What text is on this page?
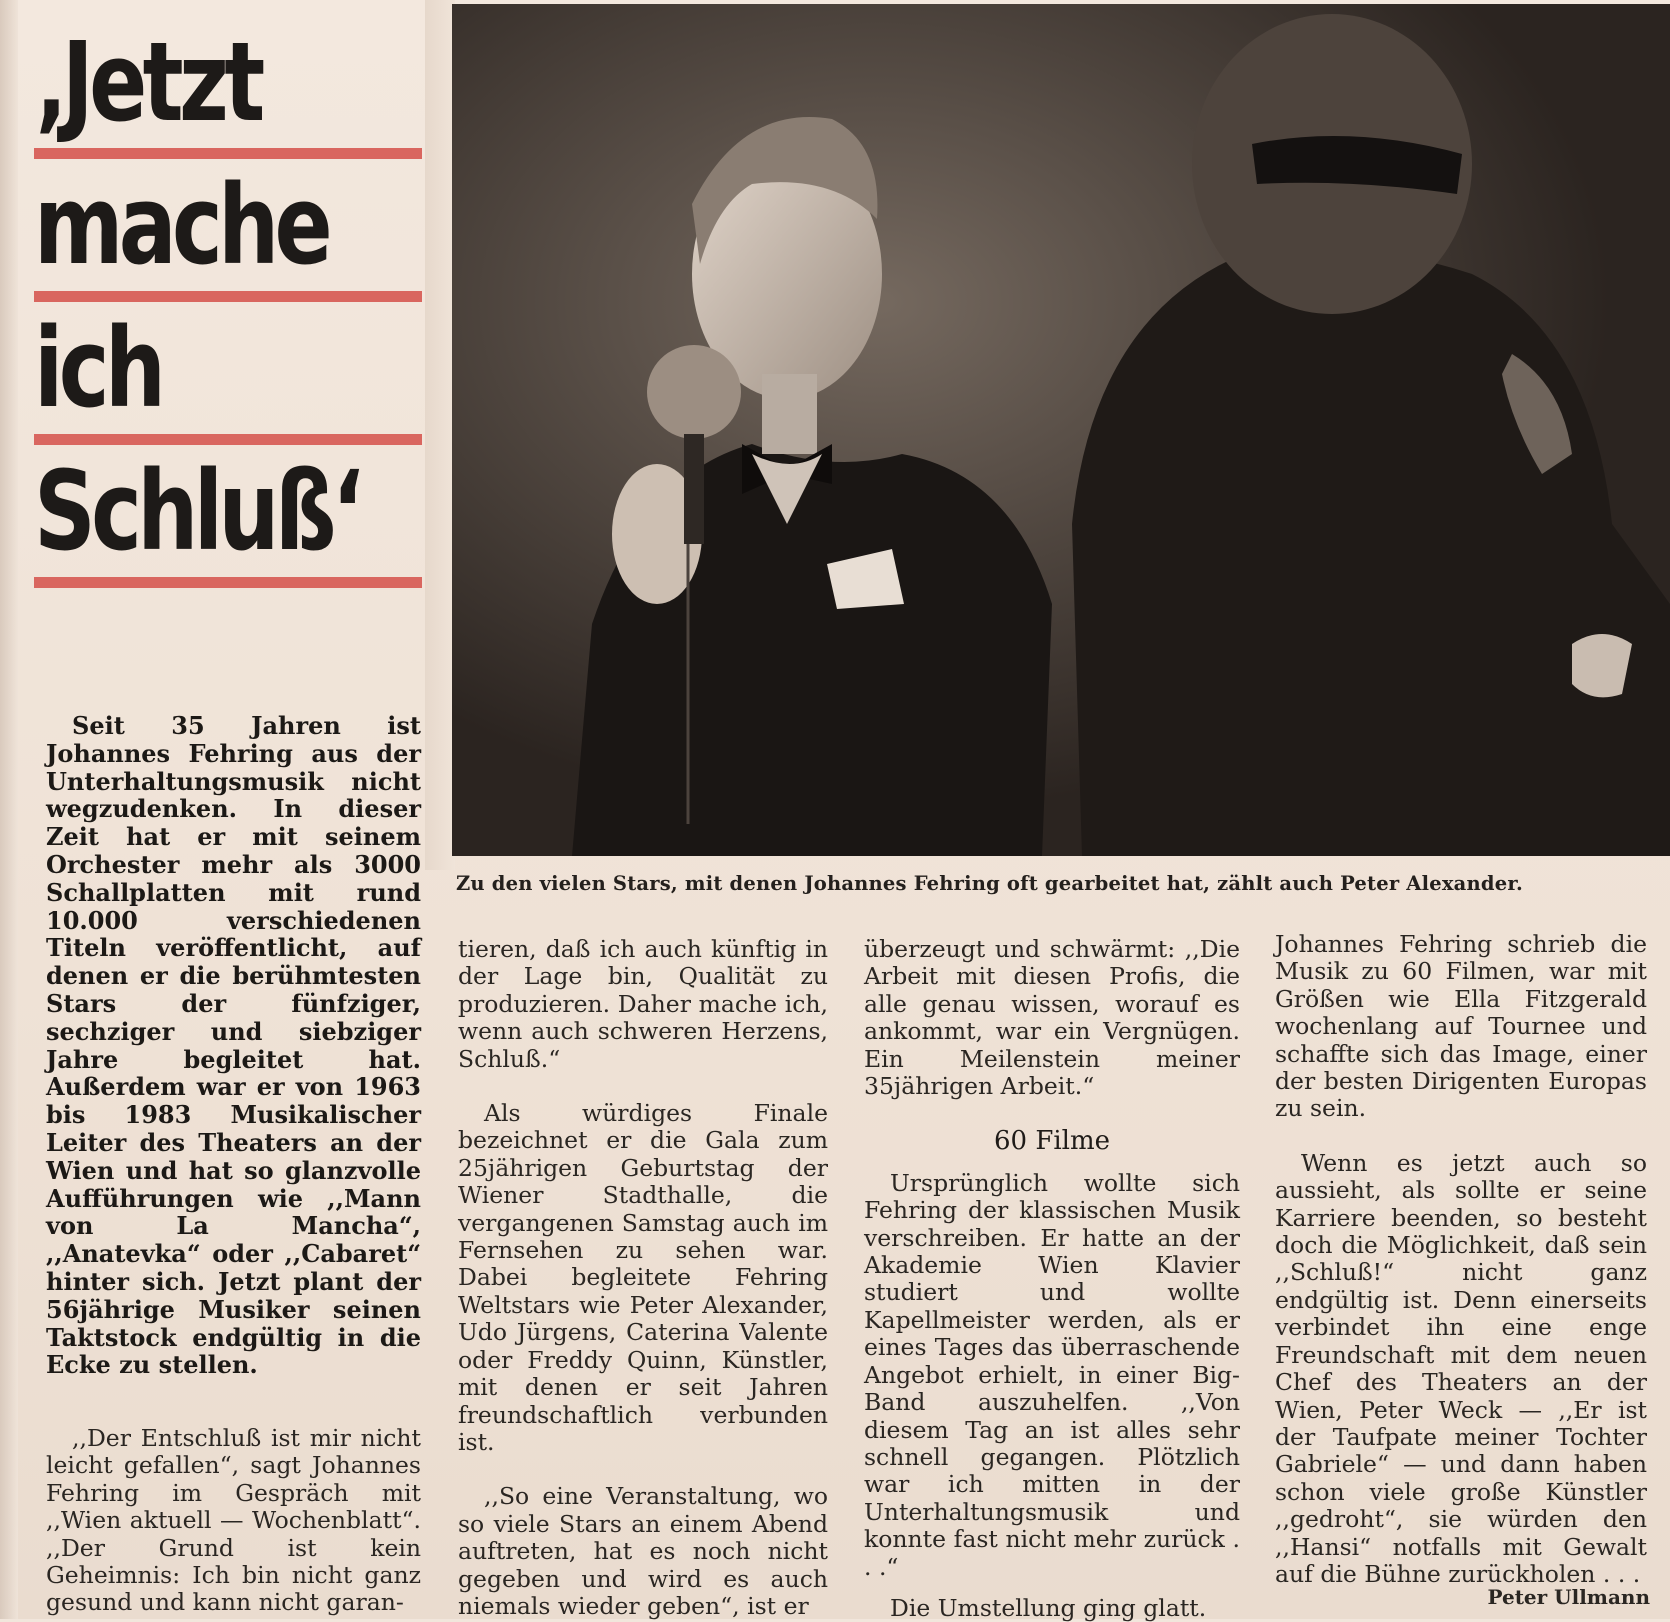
‚Jetzt
mache
ich
Schluß‘
Zu den vielen Stars, mit denen Johannes Fehring oft gearbeitet hat, zählt auch Peter Alexander.

Seit 35 Jahren ist Johannes Fehring aus der Unterhaltungsmusik nicht wegzudenken. In dieser Zeit hat er mit seinem Orchester mehr als 3000 Schallplatten mit rund 10.000 verschiedenen Titeln veröffentlicht, auf denen er die berühmtesten Stars der fünfziger, sechziger und siebziger Jahre begleitet hat. Außerdem war er von 1963 bis 1983 Musikalischer Leiter des Theaters an der Wien und hat so glanzvolle Aufführungen wie ,,Mann von La Mancha“, ,,Anatevka“ oder ,,Cabaret“ hinter sich. Jetzt plant der 56jährige Musiker seinen Taktstock endgültig in die Ecke zu stellen.

,,Der Entschluß ist mir nicht leicht gefallen“, sagt Johannes Fehring im Gespräch mit ,,Wien aktuell — Wochenblatt“. ,,Der Grund ist kein Geheimnis: Ich bin nicht ganz gesund und kann nicht garan-

tieren, daß ich auch künftig in der Lage bin, Qualität zu produzieren. Daher mache ich, wenn auch schweren Herzens, Schluß.“

Als würdiges Finale bezeichnet er die Gala zum 25jährigen Geburtstag der Wiener Stadthalle, die vergangenen Samstag auch im Fernsehen zu sehen war. Dabei begleitete Fehring Weltstars wie Peter Alexander, Udo Jürgens, Caterina Valente oder Freddy Quinn, Künstler, mit denen er seit Jahren freundschaftlich verbunden ist.

,,So eine Veranstaltung, wo so viele Stars an einem Abend auftreten, hat es noch nicht gegeben und wird es auch niemals wieder geben“, ist er

überzeugt und schwärmt: ,,Die Arbeit mit diesen Profis, die alle genau wissen, worauf es ankommt, war ein Vergnügen. Ein Meilenstein meiner 35jährigen Arbeit.“

60 Filme

Ursprünglich wollte sich Fehring der klassischen Musik verschreiben. Er hatte an der Akademie Wien Klavier studiert und wollte Kapellmeister werden, als er eines Tages das überraschende Angebot erhielt, in einer Big-Band auszuhelfen. ,,Von diesem Tag an ist alles sehr schnell gegangen. Plötzlich war ich mitten in der Unterhaltungsmusik und konnte fast nicht mehr zurück . . .“

Die Umstellung ging glatt.

Johannes Fehring schrieb die Musik zu 60 Filmen, war mit Größen wie Ella Fitzgerald wochenlang auf Tournee und schaffte sich das Image, einer der besten Dirigenten Europas zu sein.

Wenn es jetzt auch so aussieht, als sollte er seine Karriere beenden, so besteht doch die Möglichkeit, daß sein ,,Schluß!“ nicht ganz endgültig ist. Denn einerseits verbindet ihn eine enge Freundschaft mit dem neuen Chef des Theaters an der Wien, Peter Weck — ,,Er ist der Taufpate meiner Tochter Gabriele“ — und dann haben schon viele große Künstler ,,gedroht“, sie würden den ,,Hansi“ notfalls mit Gewalt auf die Bühne zurückholen . . .

Peter Ullmann
